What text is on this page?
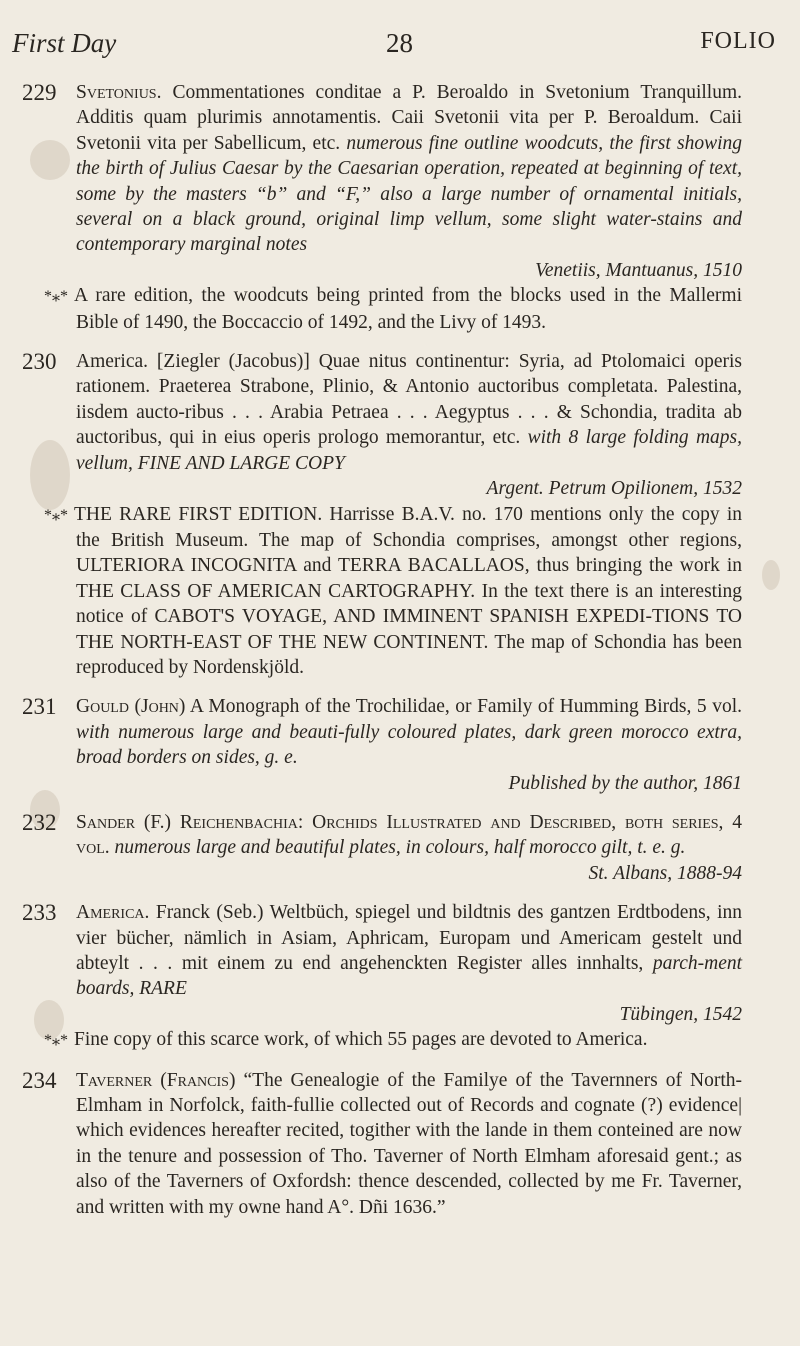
First Day	28	FOLIO
229 Svetonius. Commentationes conditae a P. Beroaldo in Svetonium Tranquillum. Additis quam plurimis annotamentis. Caii Svetonii vita per P. Beroaldum. Caii Svetonii vita per Sabellicum, etc. numerous fine outline woodcuts, the first showing the birth of Julius Caesar by the Caesarian operation, repeated at beginning of text, some by the masters “b” and “F,” also a large number of ornamental initials, several on a black ground, original limp vellum, some slight water-stains and contemporary marginal notes
Venetiis, Mantuanus, 1510

*⁎* A rare edition, the woodcuts being printed from the blocks used in the Mallermi Bible of 1490, the Boccaccio of 1492, and the Livy of 1493.

230 America. [Ziegler (Jacobus)] Quae nitus continentur: Syria, ad Ptolomaici operis rationem. Praeterea Strabone, Plinio, & Antonio auctoribus completata. Palestina, iisdem aucto-ribus . . . Arabia Petraea . . . Aegyptus . . . & Schondia, tradita ab auctoribus, qui in eius operis prologo memorantur, etc. with 8 large folding maps, vellum, FINE AND LARGE COPY
Argent. Petrum Opilionem, 1532

*⁎* THE RARE FIRST EDITION. Harrisse B.A.V. no. 170 mentions only the copy in the British Museum. The map of Schondia comprises, amongst other regions, ULTERIORA INCOGNITA and TERRA BACALLAOS, thus bringing the work in THE CLASS OF AMERICAN CARTOGRAPHY. In the text there is an interesting notice of CABOT'S VOYAGE, AND IMMINENT SPANISH EXPEDI-TIONS TO THE NORTH-EAST OF THE NEW CONTINENT. The map of Schondia has been reproduced by Nordenskjöld.

231 Gould (John) A Monograph of the Trochilidae, or Family of Humming Birds, 5 vol. with numerous large and beauti-fully coloured plates, dark green morocco extra, broad borders on sides, g. e.
Published by the author, 1861

232 Sander (F.) Reichenbachia: Orchids Illustrated and Described, both series, 4 vol. numerous large and beautiful plates, in colours, half morocco gilt, t. e. g.
St. Albans, 1888-94

233 America. Franck (Seb.) Weltbüch, spiegel und bildtnis des gantzen Erdtbodens, inn vier bücher, nämlich in Asiam, Aphricam, Europam und Americam gestelt und abteylt . . . mit einem zu end angehenckten Register alles innhalts, parch-ment boards, RARE
Tübingen, 1542

*⁎* Fine copy of this scarce work, of which 55 pages are devoted to America.

234 Taverner (Francis) “The Genealogie of the Familye of the Tavernners of North-Elmham in Norfolck, faith-fullie collected out of Records and cognate (?) evidence| which evidences hereafter recited, togither with the lande in them conteined are now in the tenure and possession of Tho. Taverner of North Elmham aforesaid gent.; as also of the Taverners of Oxfordsh: thence descended, collected by me Fr. Taverner, and written with my owne hand A°. Dñi 1636.”
